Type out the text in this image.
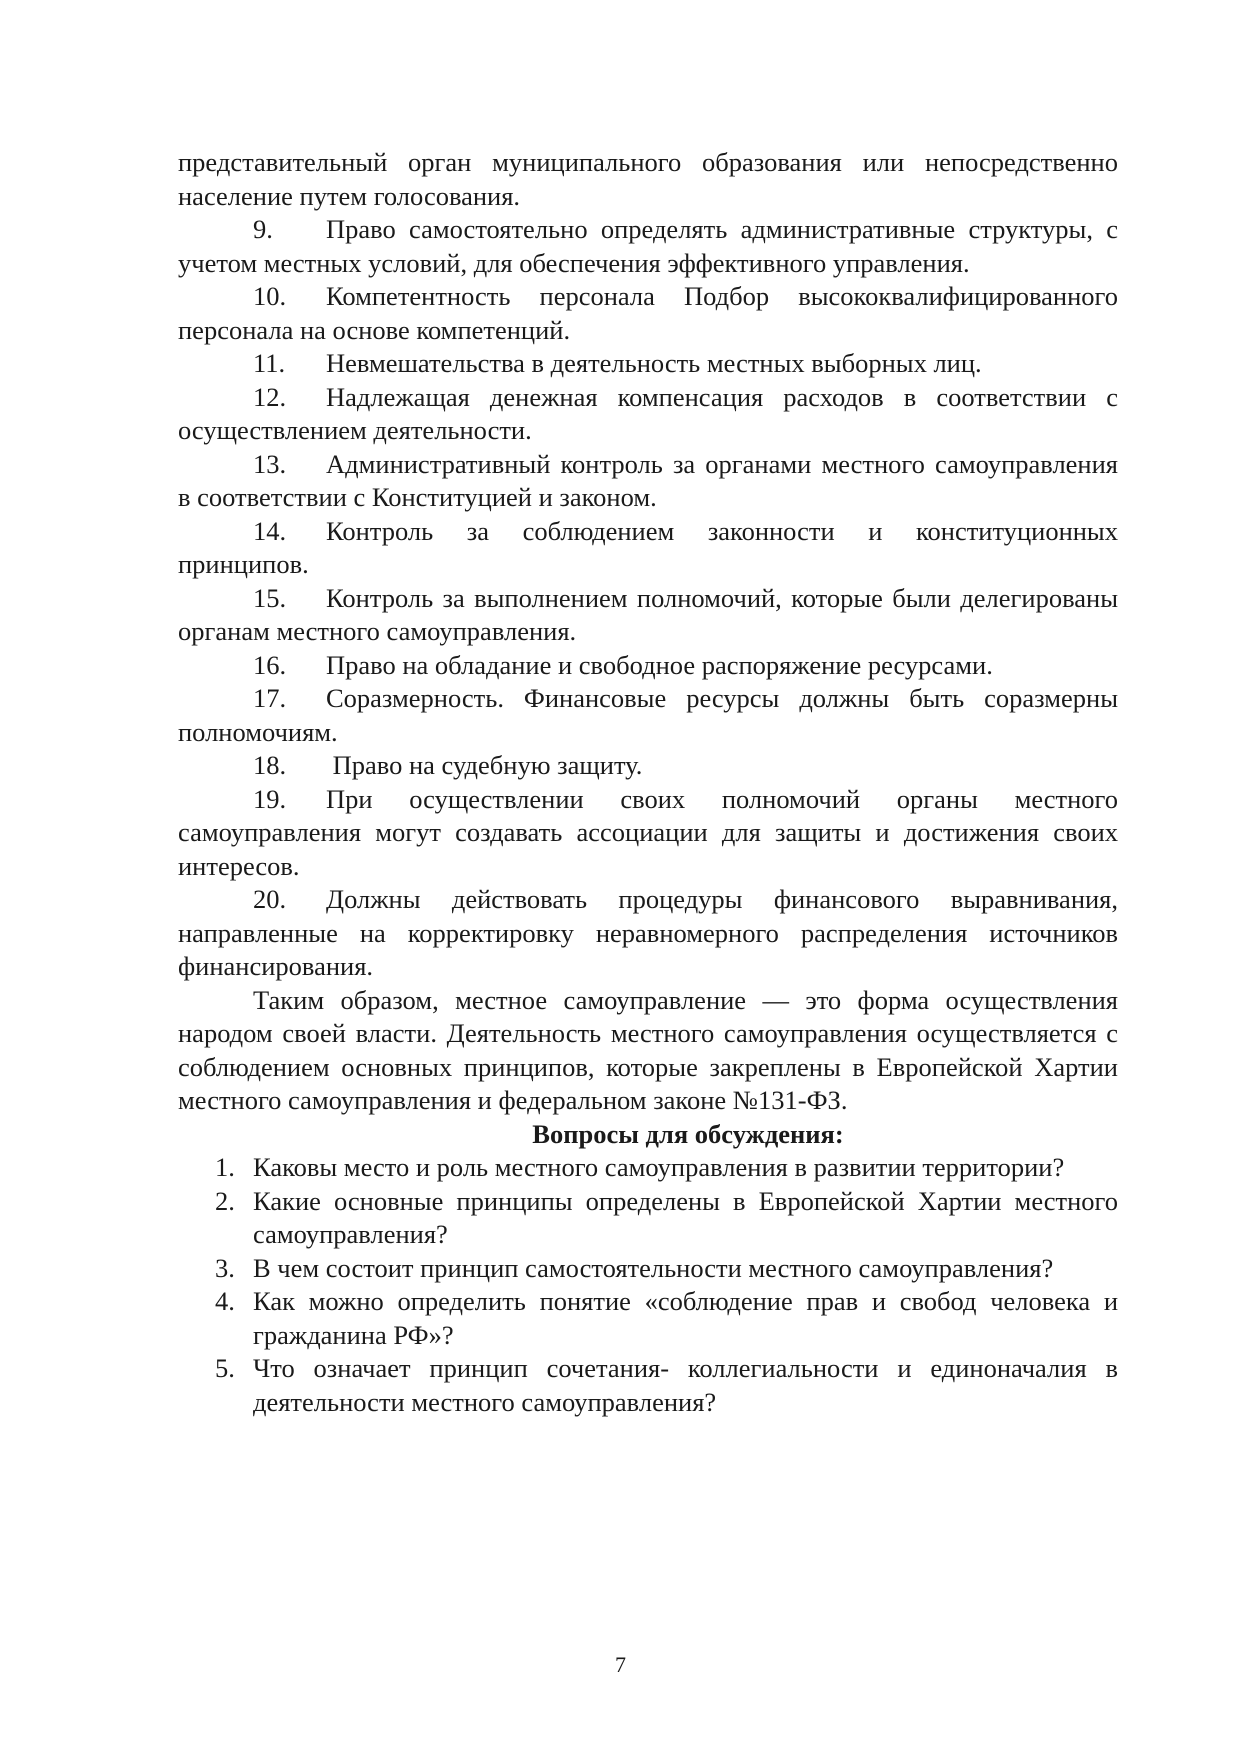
представительный орган муниципального образования или непосредственно население путем голосования.

9. Право самостоятельно определять административные структуры, с учетом местных условий, для обеспечения эффективного управления.

10. Компетентность персонала Подбор высококвалифицированного персонала на основе компетенций.

11. Невмешательства в деятельность местных выборных лиц.

12. Надлежащая денежная компенсация расходов в соответствии с осуществлением деятельности.

13. Административный контроль за органами местного самоуправления в соответствии с Конституцией и законом.

14. Контроль за соблюдением законности и конституционных принципов.

15. Контроль за выполнением полномочий, которые были делегированы органам местного самоуправления.

16. Право на обладание и свободное распоряжение ресурсами.

17. Соразмерность. Финансовые ресурсы должны быть соразмерны полномочиям.

18. Право на судебную защиту.

19. При осуществлении своих полномочий органы местного самоуправления могут создавать ассоциации для защиты и достижения своих интересов.

20. Должны действовать процедуры финансового выравнивания, направленные на корректировку неравномерного распределения источников финансирования.

Таким образом, местное самоуправление — это форма осуществления народом своей власти. Деятельность местного самоуправления осуществляется с соблюдением основных принципов, которые закреплены в Европейской Хартии местного самоуправления и федеральном законе №131-ФЗ.

Вопросы для обсуждения:

1. Каковы место и роль местного самоуправления в развитии территории?
2. Какие основные принципы определены в Европейской Хартии местного самоуправления?
3. В чем состоит принцип самостоятельности местного самоуправления?
4. Как можно определить понятие «соблюдение прав и свобод человека и гражданина РФ»?
5. Что означает принцип сочетания- коллегиальности и единоначалия в деятельности местного самоуправления?
7
